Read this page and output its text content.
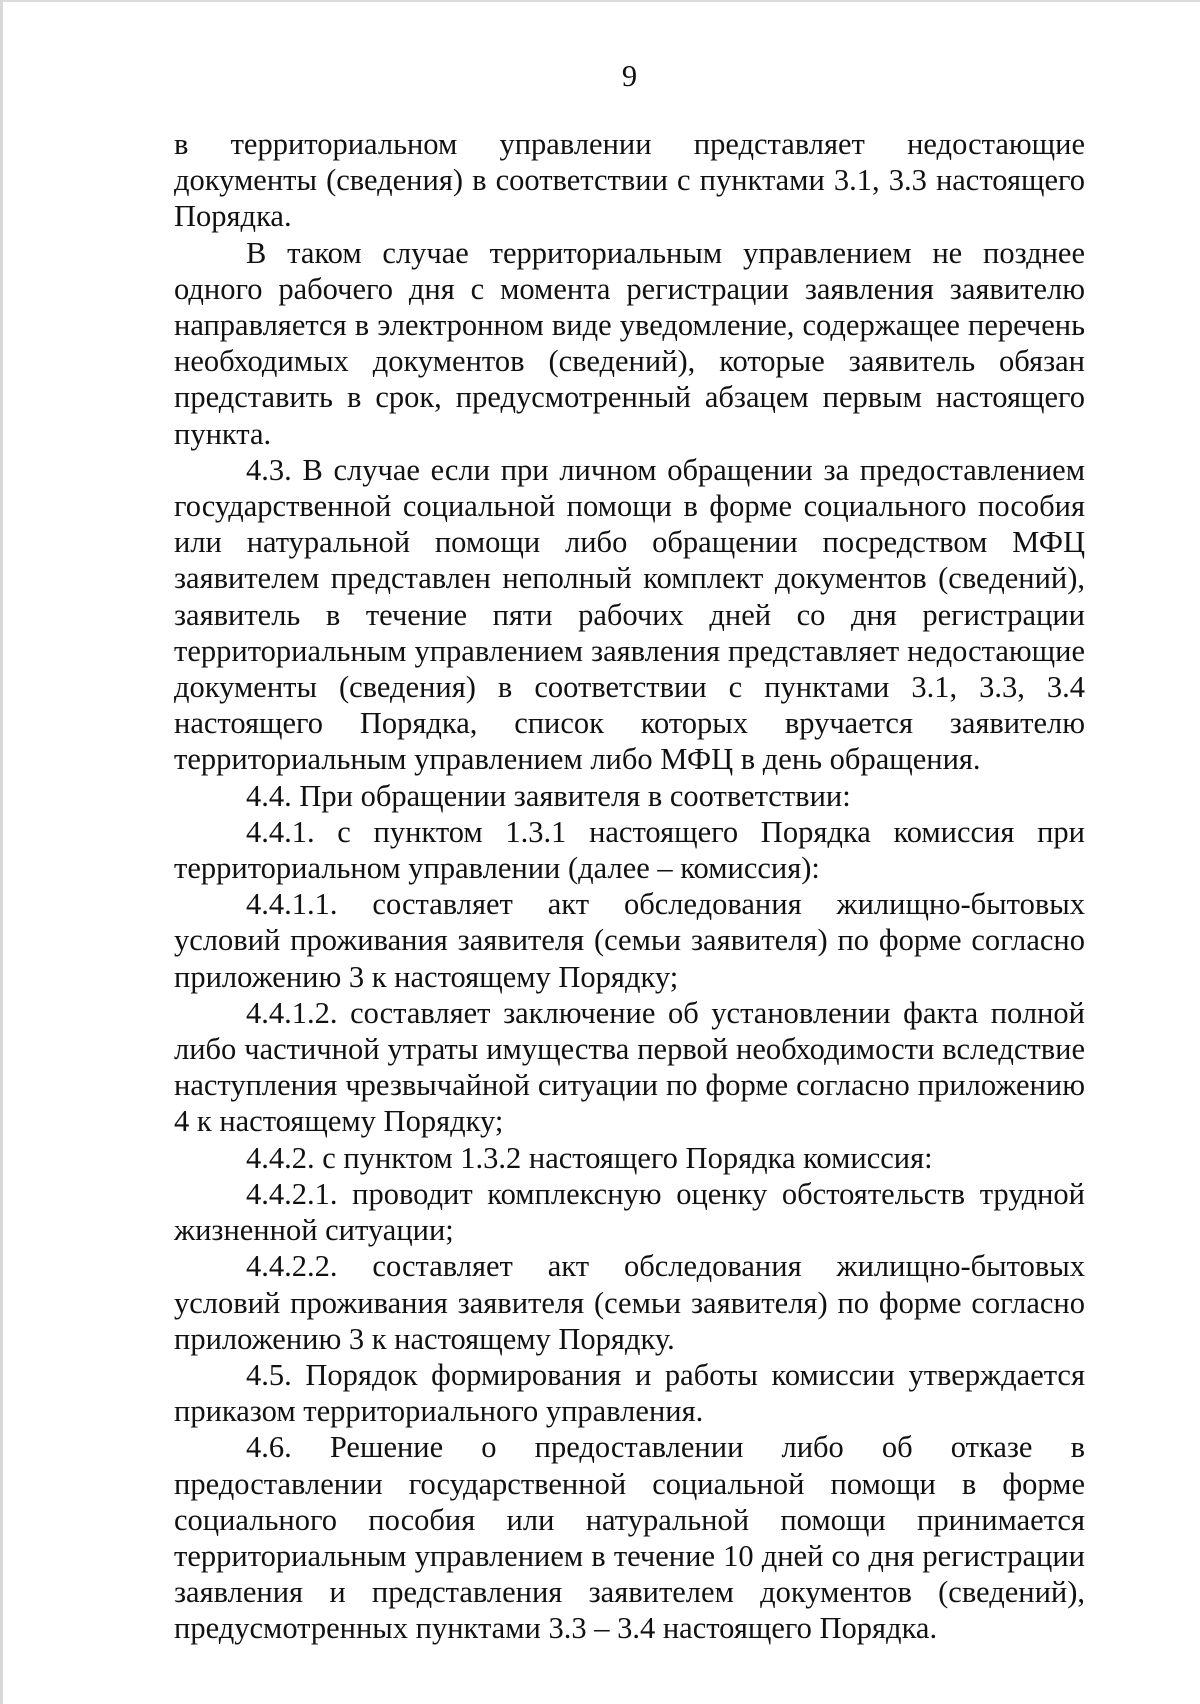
9

в территориальном управлении представляет недостающие документы (сведения) в соответствии с пунктами 3.1, 3.3 настоящего Порядка.

В таком случае территориальным управлением не позднее одного рабочего дня с момента регистрации заявления заявителю направляется в электронном виде уведомление, содержащее перечень необходимых документов (сведений), которые заявитель обязан представить в срок, предусмотренный абзацем первым настоящего пункта.

4.3. В случае если при личном обращении за предоставлением государственной социальной помощи в форме социального пособия или натуральной помощи либо обращении посредством МФЦ заявителем представлен неполный комплект документов (сведений), заявитель в течение пяти рабочих дней со дня регистрации территориальным управлением заявления представляет недостающие документы (сведения) в соответствии с пунктами 3.1, 3.3, 3.4 настоящего Порядка, список которых вручается заявителю территориальным управлением либо МФЦ в день обращения.

4.4. При обращении заявителя в соответствии:

4.4.1. с пунктом 1.3.1 настоящего Порядка комиссия при территориальном управлении (далее – комиссия):

4.4.1.1. составляет акт обследования жилищно-бытовых условий проживания заявителя (семьи заявителя) по форме согласно приложению 3 к настоящему Порядку;

4.4.1.2. составляет заключение об установлении факта полной либо частичной утраты имущества первой необходимости вследствие наступления чрезвычайной ситуации по форме согласно приложению 4 к настоящему Порядку;

4.4.2. с пунктом 1.3.2 настоящего Порядка комиссия:

4.4.2.1. проводит комплексную оценку обстоятельств трудной жизненной ситуации;

4.4.2.2. составляет акт обследования жилищно-бытовых условий проживания заявителя (семьи заявителя) по форме согласно приложению 3 к настоящему Порядку.

4.5. Порядок формирования и работы комиссии утверждается приказом территориального управления.

4.6. Решение о предоставлении либо об отказе в предоставлении государственной социальной помощи в форме социального пособия или натуральной помощи принимается территориальным управлением в течение 10 дней со дня регистрации заявления и представления заявителем документов (сведений), предусмотренных пунктами 3.3 – 3.4 настоящего Порядка.
